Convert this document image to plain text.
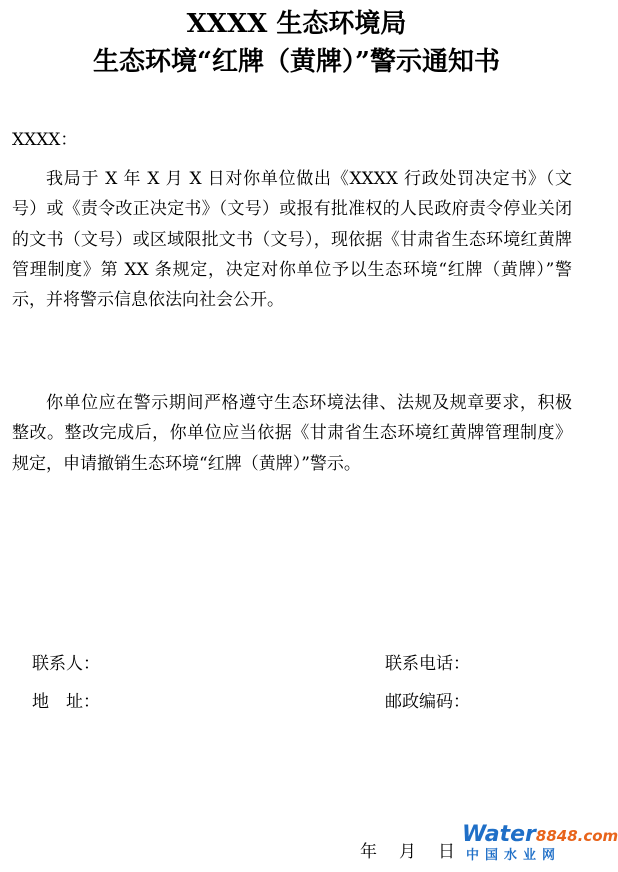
XXXX 生态环境局
生态环境“红牌（黄牌）”警示通知书

XXXX：

我局于 X 年 X 月 X 日对你单位做出《XXXX 行政处罚决定书》（文号）或《责令改正决定书》（文号）或报有批准权的人民政府责令停业关闭的文书（文号）或区域限批文书（文号），现依据《甘肃省生态环境红黄牌管理制度》第 XX 条规定，决定对你单位予以生态环境“红牌（黄牌）”警示，并将警示信息依法向社会公开。

你单位应在警示期间严格遵守生态环境法律、法规及规章要求，积极整改。整改完成后，你单位应当依据《甘肃省生态环境红黄牌管理制度》规定，申请撤销生态环境“红牌（黄牌）”警示。

联系人：

地　址：

联系电话：

邮政编码：

年 月 日

Water8848.com
中国水业网
